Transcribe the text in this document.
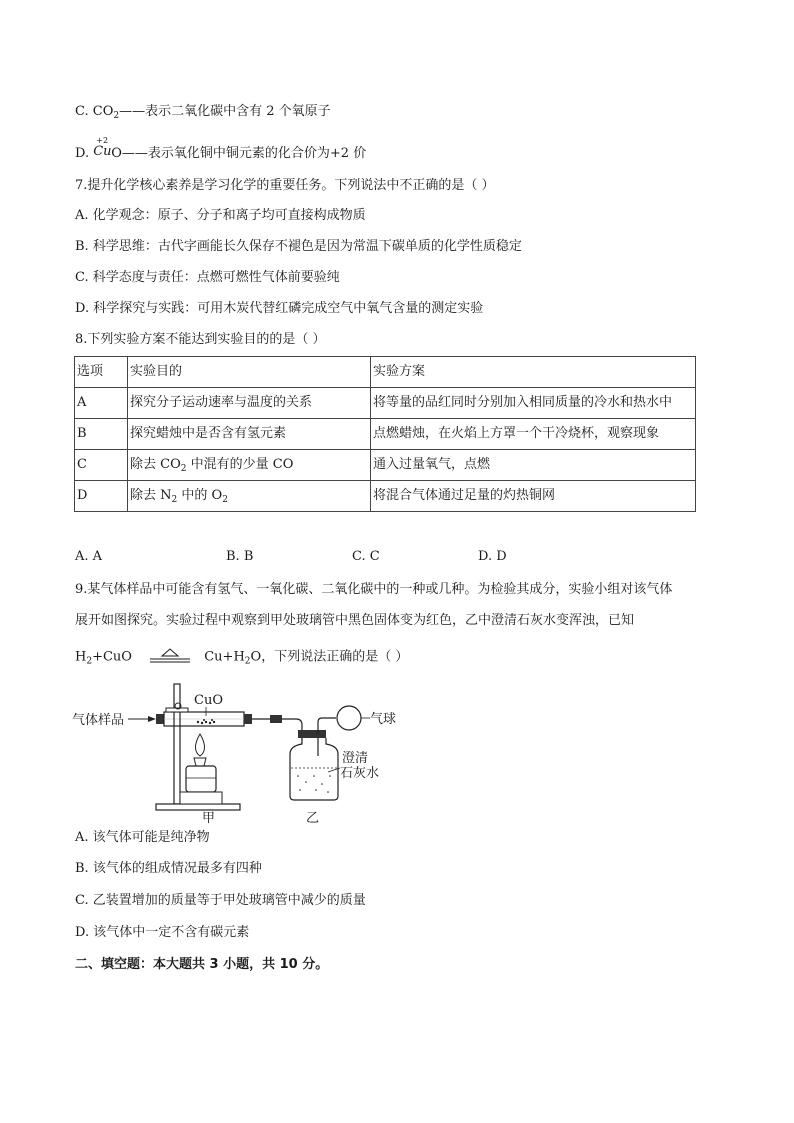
C. $CO_2——$表示二氧化碳中含有 2 个氧原子
D.
+2
Cu O——表示氧化铜中铜元素的化合价为+2 价
7.提升化学核心素养是学习化学的重要任务。下列说法中不正确的是（ ）
A. 化学观念：原子、分子和离子均可直接构成物质
B. 科学思维：古代字画能长久保存不褪色是因为常温下碳单质的化学性质稳定
C. 科学态度与责任：点燃可燃性气体前要验纯
D. 科学探究与实践：可用木炭代替红磷完成空气中氧气含量的测定实验
8.下列实验方案不能达到实验目的的是（ ）
选项	实验目的	实验方案
A	探究分子运动速率与温度的关系	将等量的品红同时分别加入相同质量的冷水和热水中
B	探究蜡烛中是否含有氢元素	点燃蜡烛，在火焰上方罩一个干冷烧杯，观察现象
C	除去 $CO_2$ 中混有的少量 CO	通入过量氧气，点燃
D	除去 $N_2$ 中的 $O_2$	将混合气体通过足量的灼热铜网
A. A	B. B	C. C	D. D
9.某气体样品中可能含有氢气、一氧化碳、二氧化碳中的一种或几种。为检验其成分，实验小组对该气体
展开如图探究。实验过程中观察到甲处玻璃管中黑色固体变为红色，乙中澄清石灰水变浑浊，已知
$H_2+CuO$	$Cu+H_2O$，下列说法正确的是（ ）
气体样品
CuO
气球
澄清
石灰水
甲	乙
A. 该气体可能是纯净物
B. 该气体的组成情况最多有四种
C. 乙装置增加的质量等于甲处玻璃管中减少的质量
D. 该气体中一定不含有碳元素
二、填空题：本大题共 3 小题，共 10 分。
